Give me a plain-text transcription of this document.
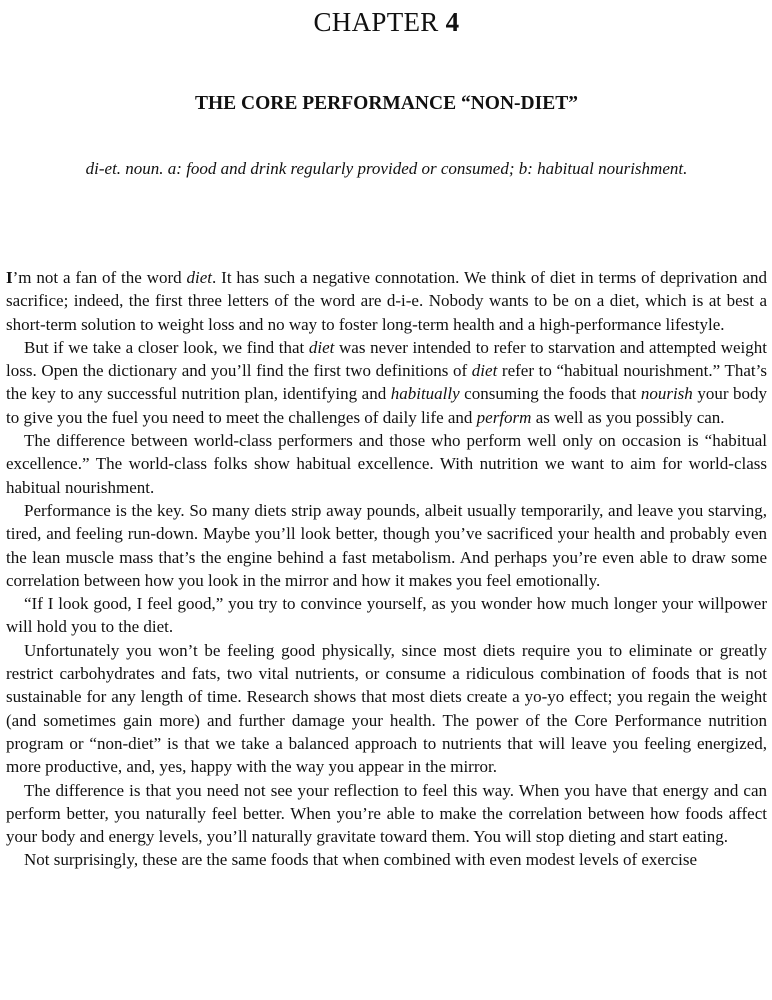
CHAPTER 4
THE CORE PERFORMANCE “NON-DIET”

di-et. noun. a: food and drink regularly provided or consumed; b: habitual nourishment.

I’m not a fan of the word diet. It has such a negative connotation. We think of diet in terms of deprivation and sacrifice; indeed, the first three letters of the word are d-i-e. Nobody wants to be on a diet, which is at best a short-term solution to weight loss and no way to foster long-term health and a high-performance lifestyle.

But if we take a closer look, we find that diet was never intended to refer to starvation and attempted weight loss. Open the dictionary and you’ll find the first two definitions of diet refer to “habitual nourishment.” That’s the key to any successful nutrition plan, identifying and habitually consuming the foods that nourish your body to give you the fuel you need to meet the challenges of daily life and perform as well as you possibly can.

The difference between world-class performers and those who perform well only on occasion is “habitual excellence.” The world-class folks show habitual excellence. With nutrition we want to aim for world-class habitual nourishment.

Performance is the key. So many diets strip away pounds, albeit usually temporarily, and leave you starving, tired, and feeling run-down. Maybe you’ll look better, though you’ve sacrificed your health and probably even the lean muscle mass that’s the engine behind a fast metabolism. And perhaps you’re even able to draw some correlation between how you look in the mirror and how it makes you feel emotionally.

“If I look good, I feel good,” you try to convince yourself, as you wonder how much longer your willpower will hold you to the diet.

Unfortunately you won’t be feeling good physically, since most diets require you to eliminate or greatly restrict carbohydrates and fats, two vital nutrients, or consume a ridiculous combination of foods that is not sustainable for any length of time. Research shows that most diets create a yo-yo effect; you regain the weight (and sometimes gain more) and further damage your health. The power of the Core Performance nutrition program or “non-diet” is that we take a balanced approach to nutrients that will leave you feeling energized, more productive, and, yes, happy with the way you appear in the mirror.

The difference is that you need not see your reflection to feel this way. When you have that energy and can perform better, you naturally feel better. When you’re able to make the correlation between how foods affect your body and energy levels, you’ll naturally gravitate toward them. You will stop dieting and start eating.

Not surprisingly, these are the same foods that when combined with even modest levels of exercise
